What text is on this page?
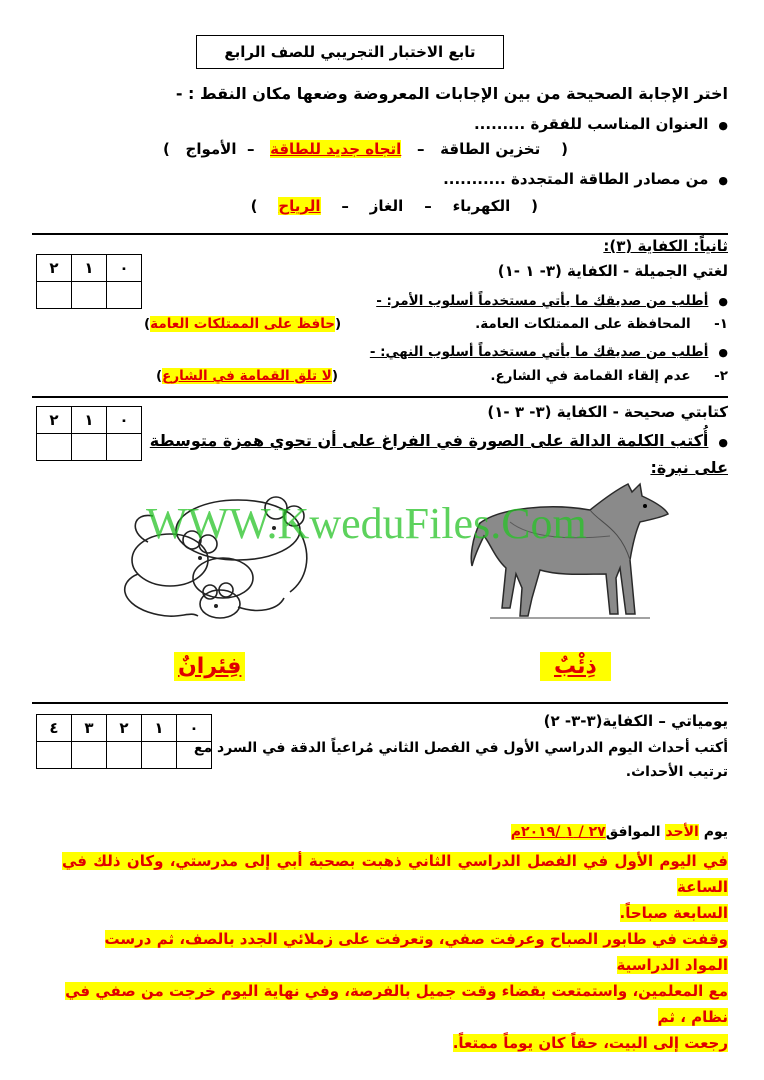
تابع الاختبار التجريبي للصف الرابع
اختر الإجابة الصحيحة من بين الإجابات المعروضة وضعها مكان النقط : -
● العنوان المناسب للفقرة .........
(    تخزين الطاقة   –   اتجاه جديد للطاقة   –  الأمواج   )
● من مصادر الطاقة المتجددة ...........
(    الكهرباء    –    الغاز    –    الرياح    )
ثانياً: الكفاية (٣):
لغتي الجميلة - الكفاية (٣- ١ -١)
٢	١	٠

● أطلب من صديقك ما يأتي مستخدماً أسلوب الأمر: -
١-     المحافظة على الممتلكات العامة.
(حافظ على الممتلكات العامة)
● أطلب من صديقك ما يأتي مستخدماً أسلوب النهي: -
٢-     عدم إلقاء القمامة في الشارع.
(لا تلق القمامة في الشارع)
كتابتي صحيحة - الكفاية (٣- ٣ -١)
٢	١	٠

● أُكتب الكلمة الدالة على الصورة في الفراغ على أن تحوي همزة متوسطة
على نبرة:
WWW.KweduFiles.Com
ذِئْبٌ
فِئرانٌ
يومياتي – الكفاية(٣-٣- ٢)
٤	٣	٢	١	٠

أكتب أحداث اليوم الدراسي الأول في الفصل الثاني مُراعياً الدقة في السرد مع
ترتيب الأحداث.
يوم الأحد الموافق٢٧ / ١ /٢٠١٩م
في اليوم الأول في الفصل الدراسي الثاني ذهبت بصحبة أبي إلى مدرستي، وكان ذلك في الساعة
السابعة صباحاً.
وقفت في طابور الصباح وعرفت صفي، وتعرفت على زملائي الجدد بالصف، ثم درست المواد الدراسية
مع المعلمين، واستمتعت بقضاء وقت جميل بالفرصة، وفي نهاية اليوم خرجت من صفي في نظام ، ثم
رجعت إلى البيت، حقاً كان يوماً ممتعاً.
